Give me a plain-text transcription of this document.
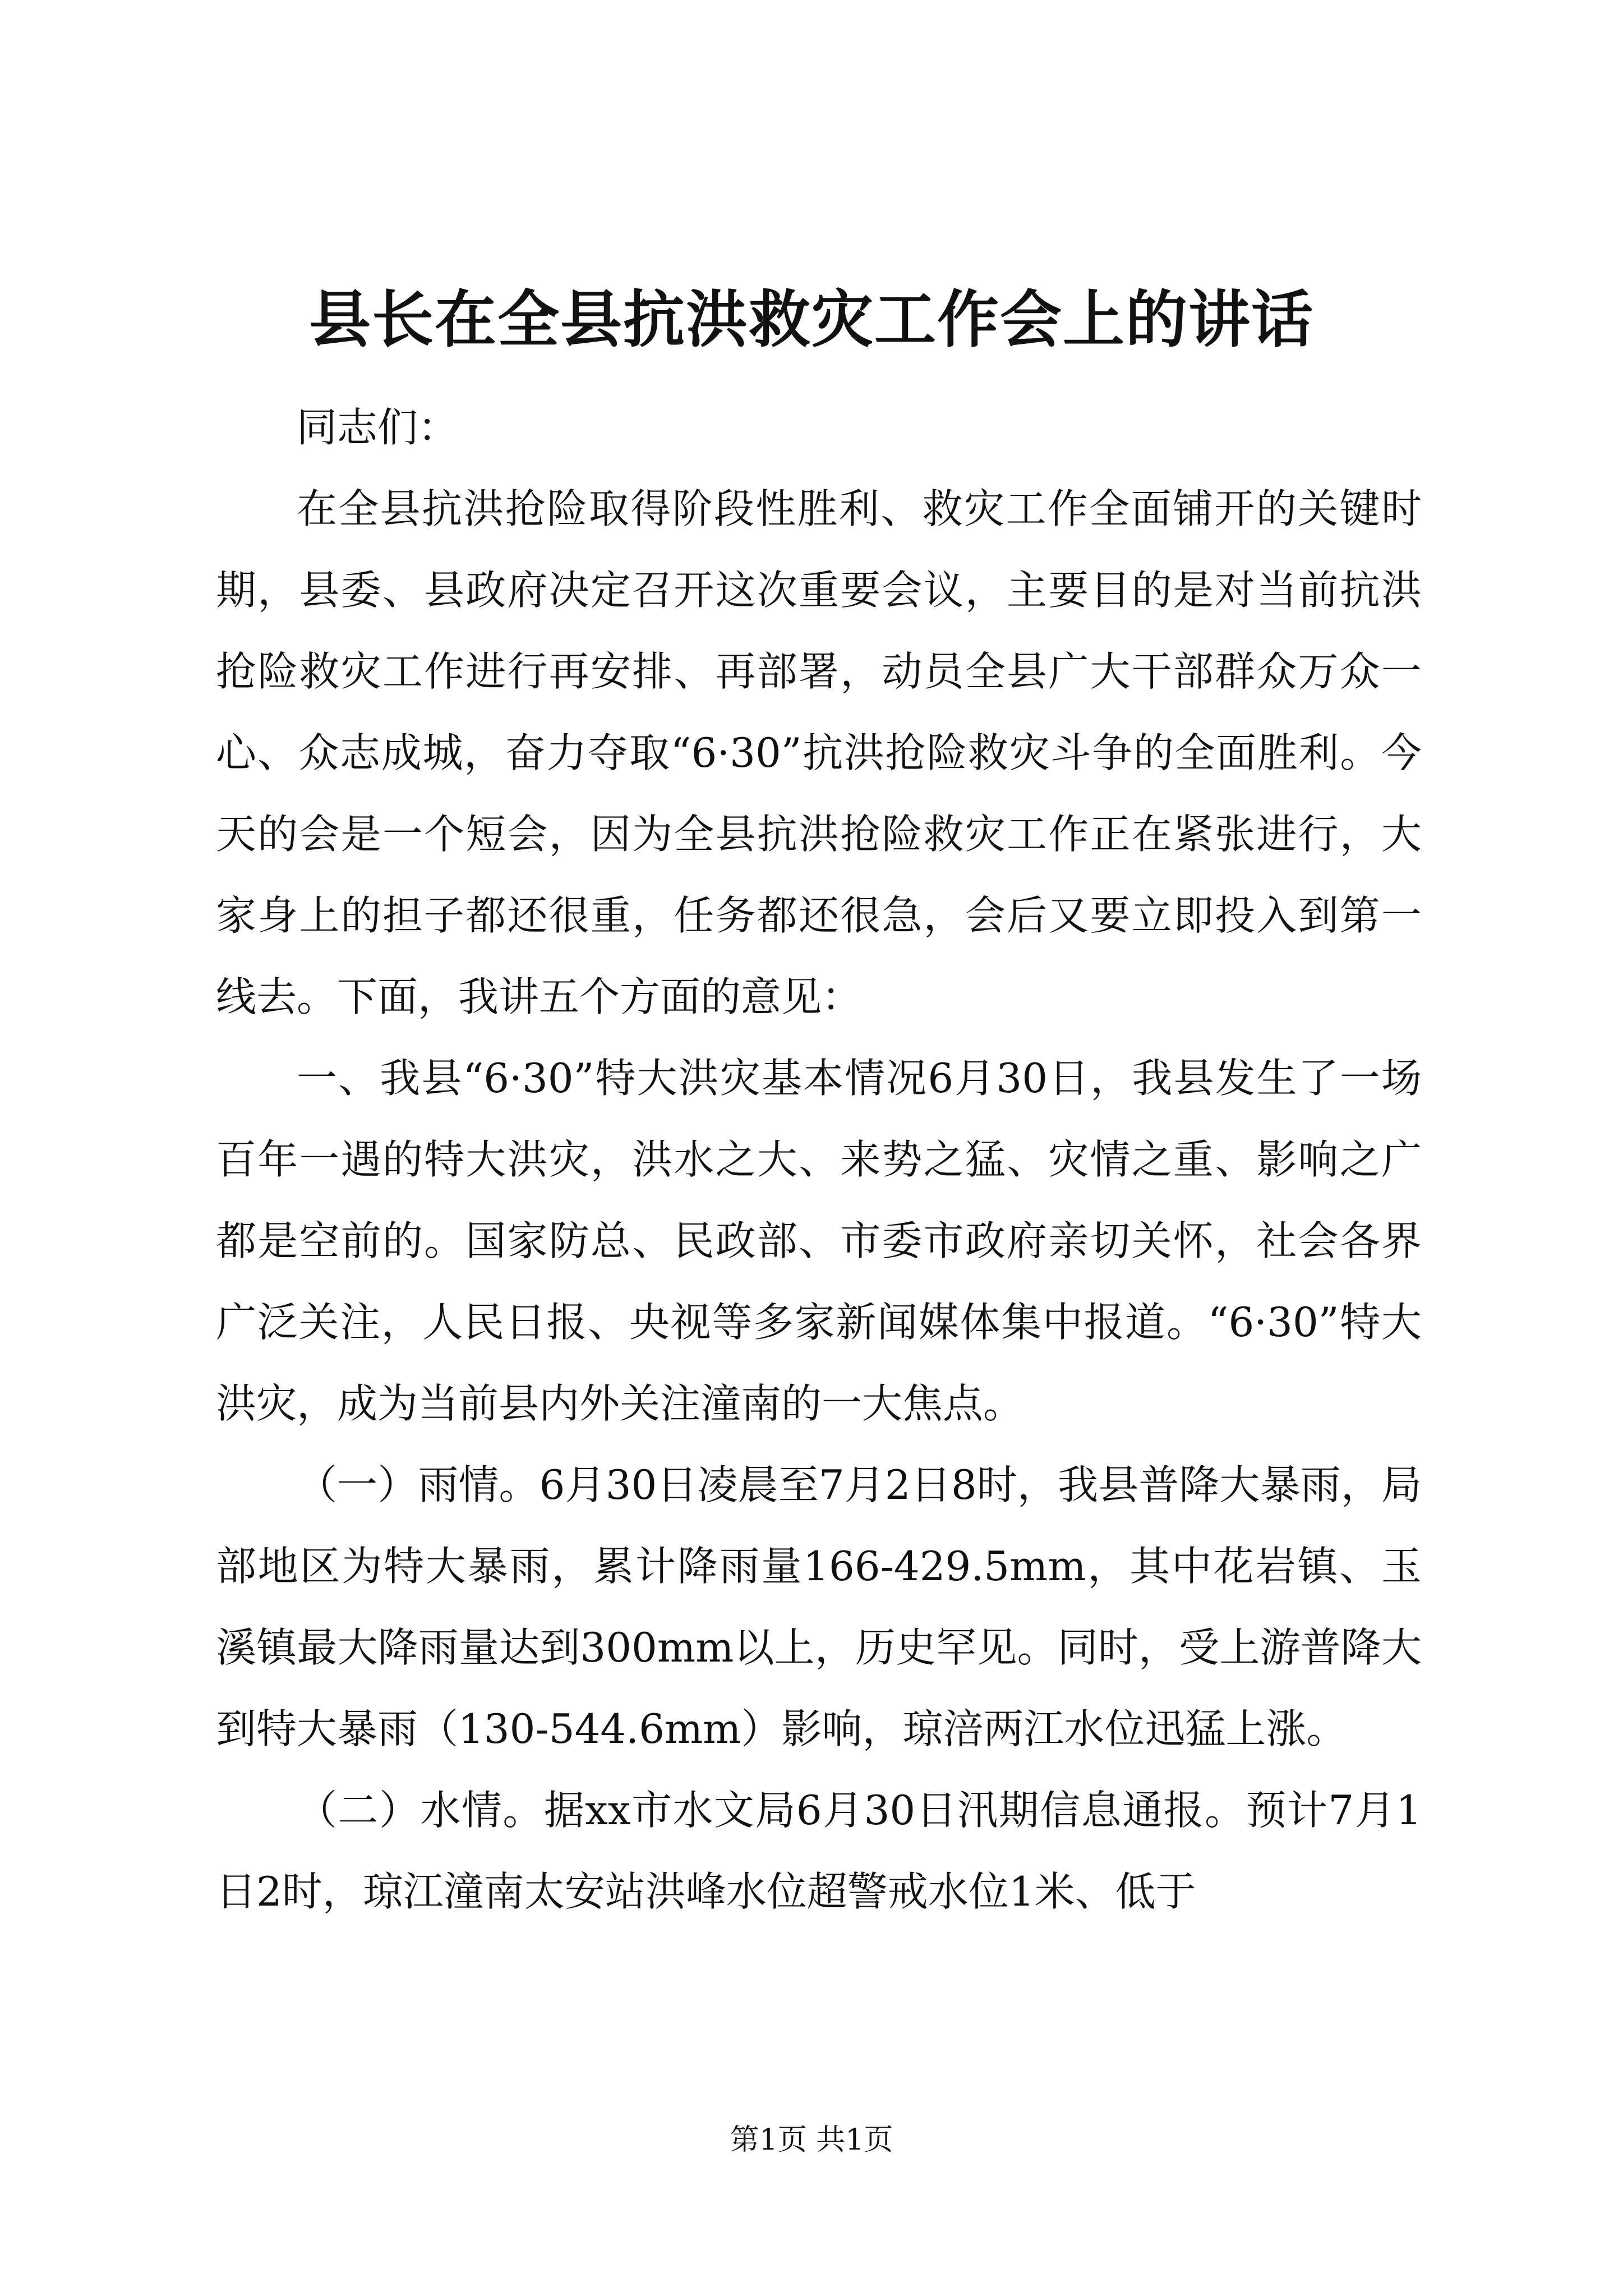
县长在全县抗洪救灾工作会上的讲话

同志们：

在全县抗洪抢险取得阶段性胜利、救灾工作全面铺开的关键时期，县委、县政府决定召开这次重要会议，主要目的是对当前抗洪抢险救灾工作进行再安排、再部署，动员全县广大干部群众万众一心、众志成城，奋力夺取“6·30”抗洪抢险救灾斗争的全面胜利。今天的会是一个短会，因为全县抗洪抢险救灾工作正在紧张进行，大家身上的担子都还很重，任务都还很急，会后又要立即投入到第一线去。下面，我讲五个方面的意见：

一、我县“6·30”特大洪灾基本情况6月30日，我县发生了一场百年一遇的特大洪灾，洪水之大、来势之猛、灾情之重、影响之广都是空前的。国家防总、民政部、市委市政府亲切关怀，社会各界广泛关注，人民日报、央视等多家新闻媒体集中报道。“6·30”特大洪灾，成为当前县内外关注潼南的一大焦点。

（一）雨情。6月30日凌晨至7月2日8时，我县普降大暴雨，局部地区为特大暴雨，累计降雨量166-429.5mm，其中花岩镇、玉溪镇最大降雨量达到300mm以上，历史罕见。同时，受上游普降大到特大暴雨（130-544.6mm）影响，琼涪两江水位迅猛上涨。

（二）水情。据xx市水文局6月30日汛期信息通报。预计7月1日2时，琼江潼南太安站洪峰水位超警戒水位1米、低于

第1页 共1页
